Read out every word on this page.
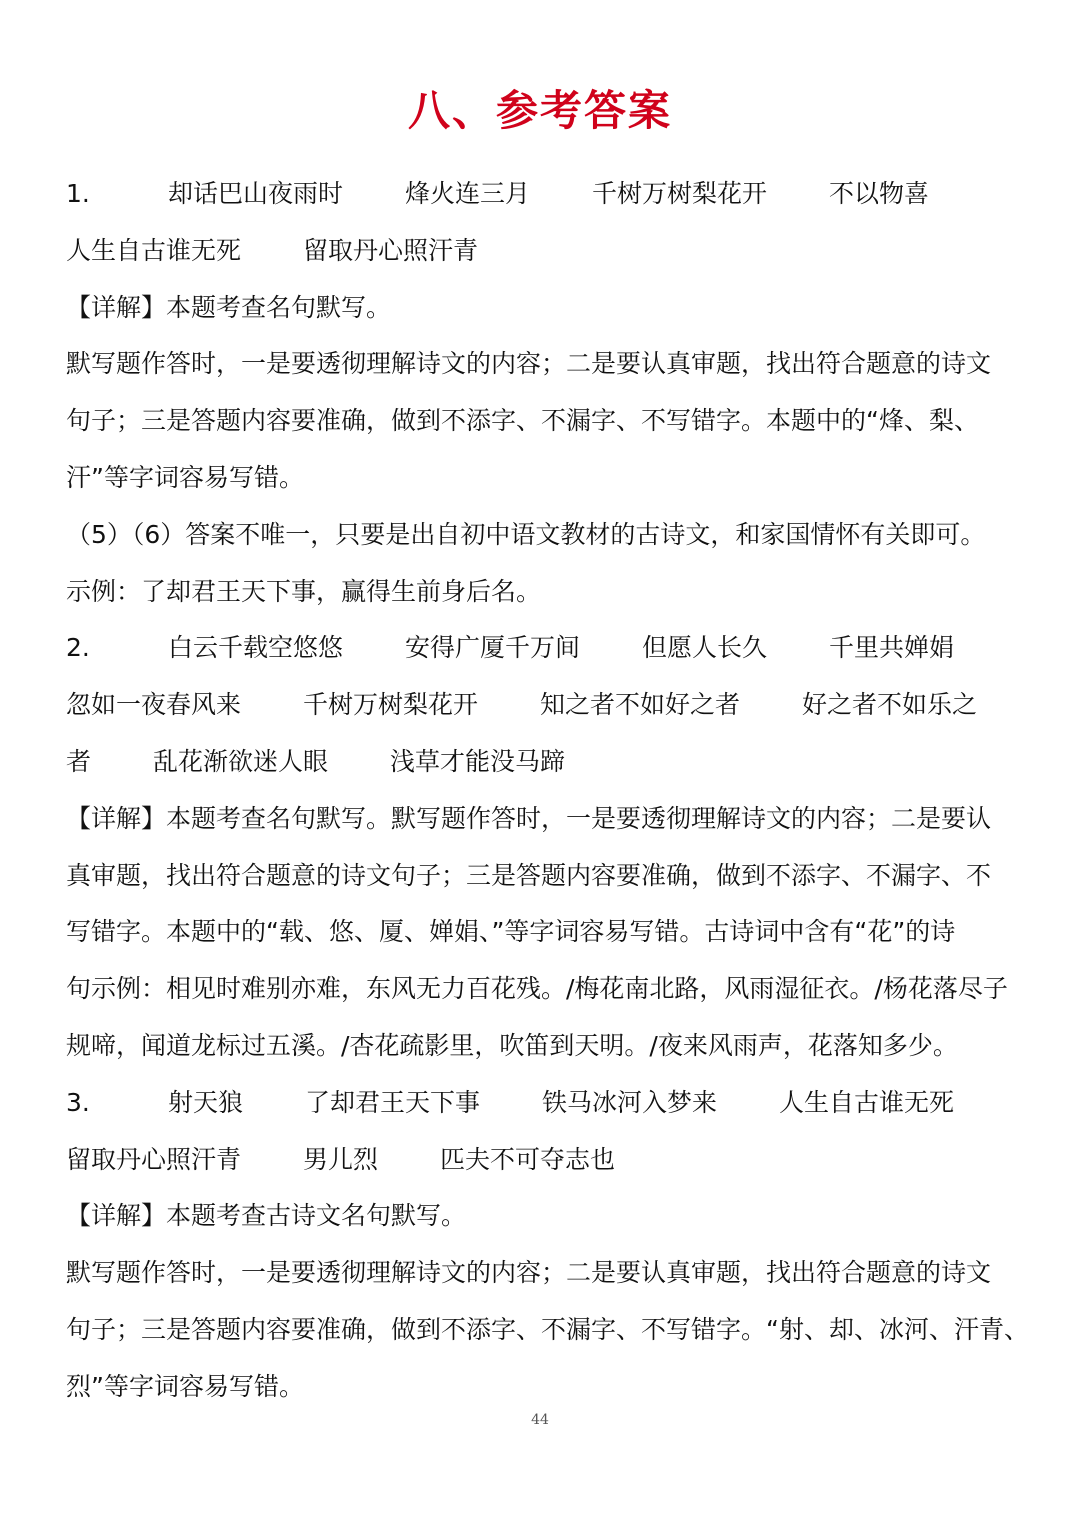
八、参考答案
1.	却话巴山夜雨时 烽火连三月 千树万树梨花开 不以物喜
人生自古谁无死 留取丹心照汗青
【详解】本题考查名句默写。
默写题作答时，一是要透彻理解诗文的内容；二是要认真审题，找出符合题意的诗文
句子；三是答题内容要准确，做到不添字、不漏字、不写错字。本题中的“烽、梨、
汗”等字词容易写错。
（5）（6）答案不唯一，只要是出自初中语文教材的古诗文，和家国情怀有关即可。
示例：了却君王天下事，赢得生前身后名。
2.	白云千载空悠悠 安得广厦千万间 但愿人长久 千里共婵娟
忽如一夜春风来 千树万树梨花开 知之者不如好之者 好之者不如乐之
者 乱花渐欲迷人眼 浅草才能没马蹄
【详解】本题考查名句默写。默写题作答时，一是要透彻理解诗文的内容；二是要认
真审题，找出符合题意的诗文句子；三是答题内容要准确，做到不添字、不漏字、不
写错字。本题中的“载、悠、厦、婵娟、”等字词容易写错。古诗词中含有“花”的诗
句示例：相见时难别亦难，东风无力百花残。/梅花南北路，风雨湿征衣。/杨花落尽子
规啼，闻道龙标过五溪。/杏花疏影里，吹笛到天明。/夜来风雨声，花落知多少。
3.	射天狼 了却君王天下事 铁马冰河入梦来 人生自古谁无死
留取丹心照汗青 男儿烈 匹夫不可夺志也
【详解】本题考查古诗文名句默写。
默写题作答时，一是要透彻理解诗文的内容；二是要认真审题，找出符合题意的诗文
句子；三是答题内容要准确，做到不添字、不漏字、不写错字。“射、却、冰河、汗青、
烈”等字词容易写错。
44
